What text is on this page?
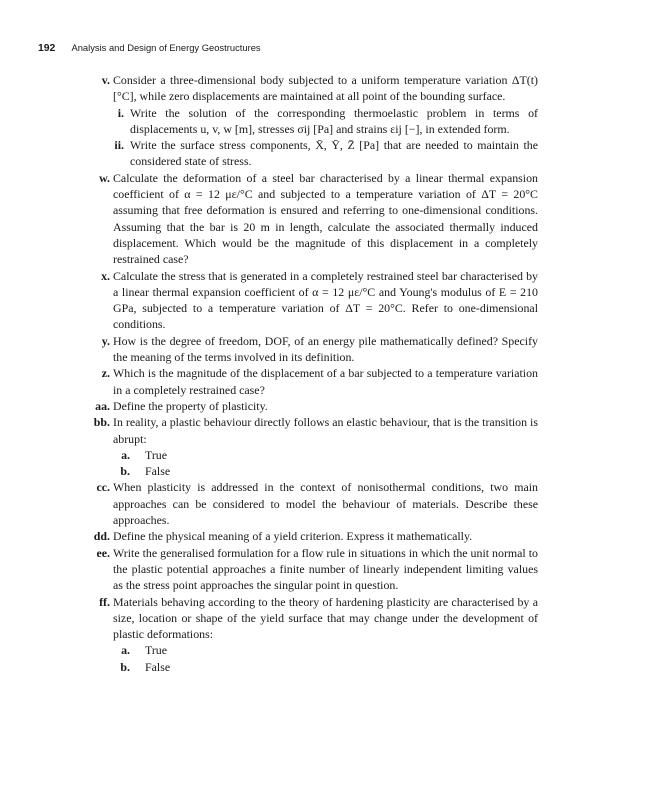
192 Analysis and Design of Energy Geostructures

v. Consider a three-dimensional body subjected to a uniform temperature variation ΔT(t) [°C], while zero displacements are maintained at all point of the bounding surface.

i. Write the solution of the corresponding thermoelastic problem in terms of displacements u, v, w [m], stresses σij [Pa] and strains εij [−], in extended form.

ii. Write the surface stress components, X̄, Ȳ, Z̄ [Pa] that are needed to maintain the considered state of stress.

w. Calculate the deformation of a steel bar characterised by a linear thermal expansion coefficient of α = 12 με/°C and subjected to a temperature variation of ΔT = 20°C assuming that free deformation is ensured and referring to one-dimensional conditions. Assuming that the bar is 20 m in length, calculate the associated thermally induced displacement. Which would be the magnitude of this displacement in a completely restrained case?

x. Calculate the stress that is generated in a completely restrained steel bar characterised by a linear thermal expansion coefficient of α = 12 με/°C and Young's modulus of E = 210 GPa, subjected to a temperature variation of ΔT = 20°C. Refer to one-dimensional conditions.

y. How is the degree of freedom, DOF, of an energy pile mathematically defined? Specify the meaning of the terms involved in its definition.

z. Which is the magnitude of the displacement of a bar subjected to a temperature variation in a completely restrained case?

aa. Define the property of plasticity.

bb. In reality, a plastic behaviour directly follows an elastic behaviour, that is the transition is abrupt:

a. True

b. False

cc. When plasticity is addressed in the context of nonisothermal conditions, two main approaches can be considered to model the behaviour of materials. Describe these approaches.

dd. Define the physical meaning of a yield criterion. Express it mathematically.

ee. Write the generalised formulation for a flow rule in situations in which the unit normal to the plastic potential approaches a finite number of linearly independent limiting values as the stress point approaches the singular point in question.

ff. Materials behaving according to the theory of hardening plasticity are characterised by a size, location or shape of the yield surface that may change under the development of plastic deformations:

a. True

b. False
